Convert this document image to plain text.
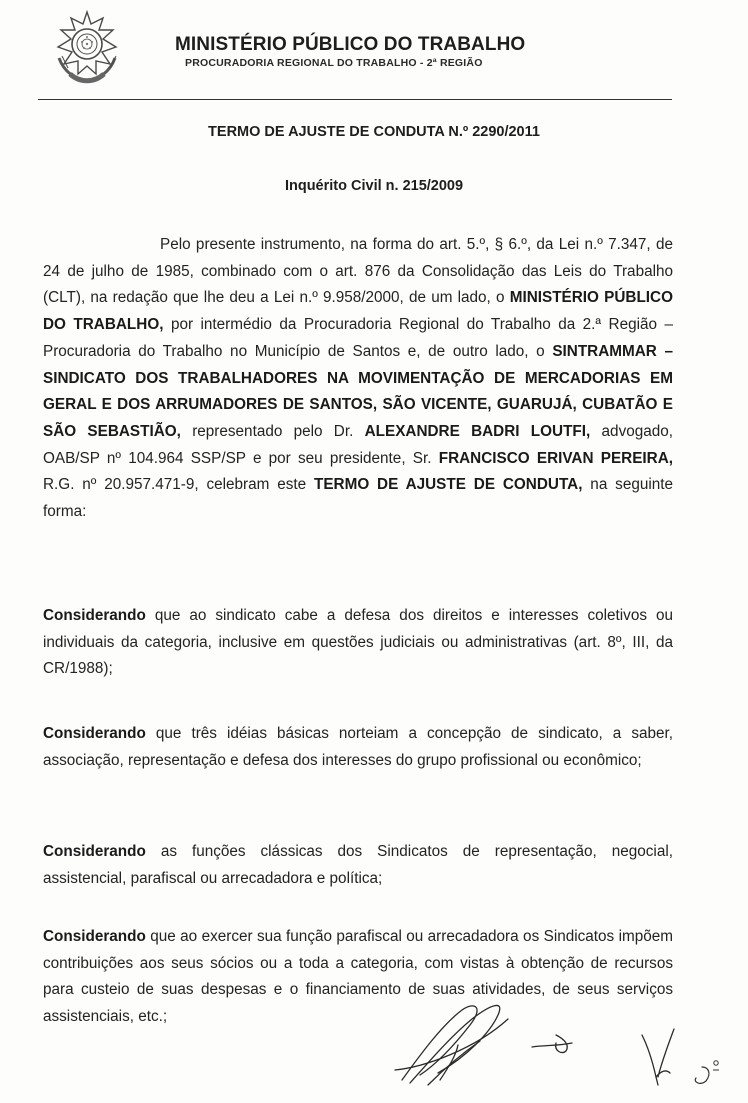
MINISTÉRIO PÚBLICO DO TRABALHO
PROCURADORIA REGIONAL DO TRABALHO - 2ª REGIÃO
TERMO DE AJUSTE DE CONDUTA N.º 2290/2011
Inquérito Civil n. 215/2009
Pelo presente instrumento, na forma do art. 5.º, § 6.º, da Lei n.º 7.347, de 24 de julho de 1985, combinado com o art. 876 da Consolidação das Leis do Trabalho (CLT), na redação que lhe deu a Lei n.º 9.958/2000, de um lado, o MINISTÉRIO PÚBLICO DO TRABALHO, por intermédio da Procuradoria Regional do Trabalho da 2.ª Região – Procuradoria do Trabalho no Município de Santos e, de outro lado, o SINTRAMMAR – SINDICATO DOS TRABALHADORES NA MOVIMENTAÇÃO DE MERCADORIAS EM GERAL E DOS ARRUMADORES DE SANTOS, SÃO VICENTE, GUARUJÁ, CUBATÃO E SÃO SEBASTIÃO, representado pelo Dr. ALEXANDRE BADRI LOUTFI, advogado, OAB/SP nº 104.964 SSP/SP e por seu presidente, Sr. FRANCISCO ERIVAN PEREIRA, R.G. nº 20.957.471-9, celebram este TERMO DE AJUSTE DE CONDUTA, na seguinte forma:
Considerando que ao sindicato cabe a defesa dos direitos e interesses coletivos ou individuais da categoria, inclusive em questões judiciais ou administrativas (art. 8º, III, da CR/1988);
Considerando que três idéias básicas norteiam a concepção de sindicato, a saber, associação, representação e defesa dos interesses do grupo profissional ou econômico;
Considerando as funções clássicas dos Sindicatos de representação, negocial, assistencial, parafiscal ou arrecadadora e política;
Considerando que ao exercer sua função parafiscal ou arrecadadora os Sindicatos impõem contribuições aos seus sócios ou a toda a categoria, com vistas à obtenção de recursos para custeio de suas despesas e o financiamento de suas atividades, de seus serviços assistenciais, etc.;
